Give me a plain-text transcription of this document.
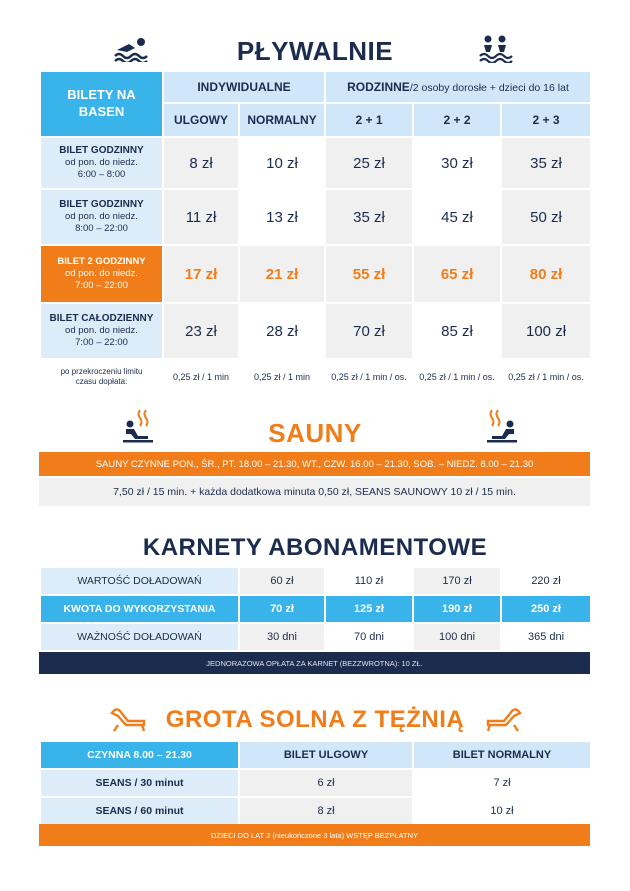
PŁYWALNIE
BILETY NA BASEN	INDYWIDUALNE		RODZINNE/2 osoby dorosłe + dzieci do 16 lat		
	ULGOWY	NORMALNY	2 + 1	2 + 2	2 + 3
BILET GODZINNY
od pon. do niedz.
6:00 – 8:00	8 zł	10 zł	25 zł	30 zł	35 zł
BILET GODZINNY
od pon. do niedz.
8:00 – 22:00	11 zł	13 zł	35 zł	45 zł	50 zł
BILET 2 GODZINNY
od pon. do niedz.
7:00 – 22:00	17 zł	21 zł	55 zł	65 zł	80 zł
BILET CAŁODZIENNY
od pon. do niedz.
7:00 – 22:00	23 zł	28 zł	70 zł	85 zł	100 zł
po przekroczeniu limitu
czasu dopłata:	0,25 zł / 1 min	0,25 zł / 1 min	0,25 zł / 1 min / os.	0,25 zł / 1 min / os.	0,25 zł / 1 min / os.
SAUNY
SAUNY CZYNNE PON., ŚR., PT. 18.00 – 21.30, WT., CZW. 16.00 – 21.30, SOB. – NIEDZ. 8.00 – 21.30
7,50 zł / 15 min. + każda dodatkowa minuta 0,50 zł, SEANS SAUNOWY 10 zł / 15 min.
KARNETY ABONAMENTOWE
WARTOŚĆ DOŁADOWAŃ	60 zł	110 zł	170 zł	220 zł
KWOTA DO WYKORZYSTANIA	70 zł	125 zł	190 zł	250 zł
WAŻNOŚĆ DOŁADOWAŃ	30 dni	70 dni	100 dni	365 dni
JEDNORAZOWA OPŁATA ZA KARNET (BEZZWROTNA): 10 ZŁ.
GROTA SOLNA Z TĘŻNIĄ
CZYNNA 8.00 – 21.30	BILET ULGOWY	BILET NORMALNY
SEANS / 30 minut	6 zł	7 zł
SEANS / 60 minut	8 zł	10 zł
DZIECI DO LAT 3 (nieukończone 3 lata) WSTĘP BEZPŁATNY
